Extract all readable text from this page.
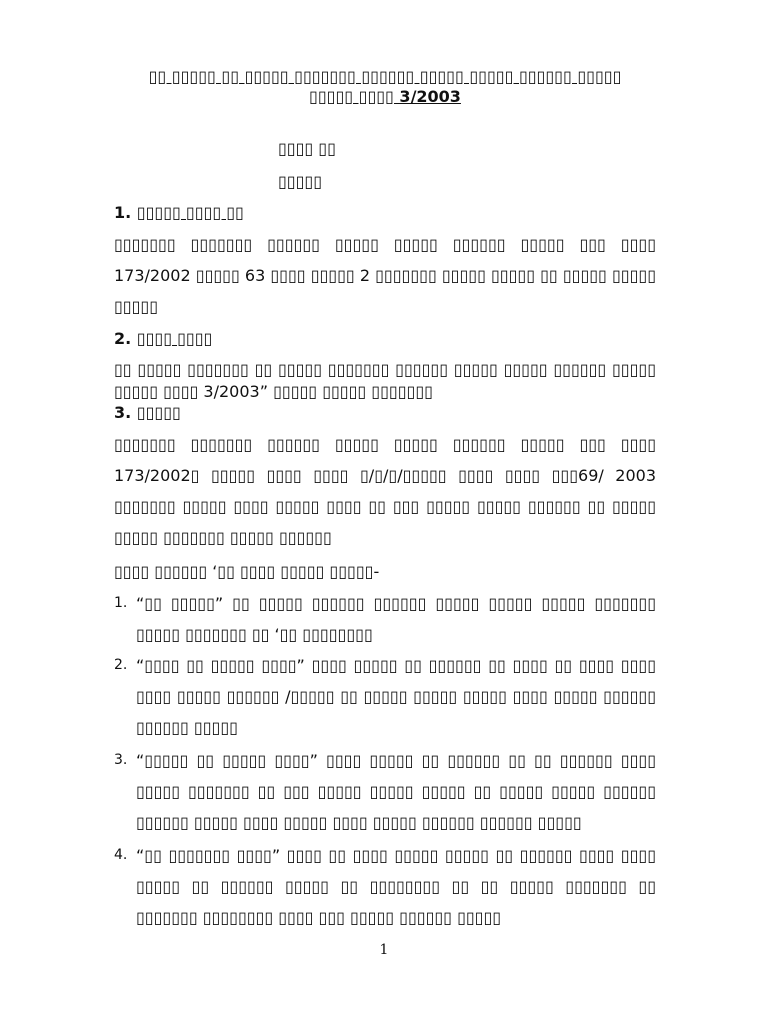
▯▯ ▯▯▯▯▯ ▯▯ ▯▯▯▯▯ ▯▯▯▯▯▯▯ ▯▯▯▯▯▯ ▯▯▯▯▯ ▯▯▯▯▯ ▯▯▯▯▯▯ ▯▯▯▯▯
▯▯▯▯▯ ▯▯▯▯ 3/2003
▯▯▯▯ ▯▯
▯▯▯▯▯
1. ▯▯▯▯▯ ▯▯▯▯ ▯▯
▯▯▯▯▯▯▯ ▯▯▯▯▯▯▯ ▯▯▯▯▯▯ ▯▯▯▯▯ ▯▯▯▯▯ ▯▯▯▯▯▯ ▯▯▯▯▯ ▯▯▯ ▯▯▯▯ 173/2002 ▯▯▯▯▯ 63 ▯▯▯▯ ▯▯▯▯▯ 2 ▯▯▯▯▯▯▯ ▯▯▯▯▯ ▯▯▯▯▯ ▯▯ ▯▯▯▯▯ ▯▯▯▯▯ ▯▯▯▯▯
2. ▯▯▯▯ ▯▯▯▯
▯▯ ▯▯▯▯▯ ▯▯▯▯▯▯▯ ▯▯ ▯▯▯▯▯ ▯▯▯▯▯▯▯ ▯▯▯▯▯▯ ▯▯▯▯▯ ▯▯▯▯▯ ▯▯▯▯▯▯ ▯▯▯▯▯ ▯▯▯▯▯ ▯▯▯▯ 3/2003” ▯▯▯▯▯ ▯▯▯▯▯ ▯▯▯▯▯▯▯
3. ▯▯▯▯▯
▯▯▯▯▯▯▯ ▯▯▯▯▯▯▯ ▯▯▯▯▯▯ ▯▯▯▯▯ ▯▯▯▯▯ ▯▯▯▯▯▯ ▯▯▯▯▯ ▯▯▯ ▯▯▯▯ 173/2002▯ ▯▯▯▯▯ ▯▯▯▯ ▯▯▯▯ ▯/▯/▯/▯▯▯▯▯ ▯▯▯▯ ▯▯▯▯ ▯▯▯69/ 2003 ▯▯▯▯▯▯▯ ▯▯▯▯▯ ▯▯▯▯ ▯▯▯▯▯ ▯▯▯▯ ▯▯ ▯▯▯ ▯▯▯▯▯ ▯▯▯▯▯ ▯▯▯▯▯▯ ▯▯ ▯▯▯▯▯ ▯▯▯▯▯ ▯▯▯▯▯▯▯ ▯▯▯▯▯ ▯▯▯▯▯▯
▯▯▯▯ ▯▯▯▯▯▯ ‘▯▯ ▯▯▯▯ ▯▯▯▯▯ ▯▯▯▯▯-
1. “▯▯ ▯▯▯▯▯” ▯▯ ▯▯▯▯▯ ▯▯▯▯▯▯ ▯▯▯▯▯▯ ▯▯▯▯▯ ▯▯▯▯▯ ▯▯▯▯▯ ▯▯▯▯▯▯▯ ▯▯▯▯▯ ▯▯▯▯▯▯▯ ▯▯ ‘▯▯ ▯▯▯▯▯▯▯▯
2. “▯▯▯▯ ▯▯ ▯▯▯▯▯ ▯▯▯▯” ▯▯▯▯ ▯▯▯▯▯ ▯▯ ▯▯▯▯▯▯ ▯▯ ▯▯▯▯ ▯▯ ▯▯▯▯ ▯▯▯▯ ▯▯▯▯ ▯▯▯▯▯ ▯▯▯▯▯▯ /▯▯▯▯▯ ▯▯ ▯▯▯▯▯ ▯▯▯▯▯ ▯▯▯▯▯ ▯▯▯▯ ▯▯▯▯▯ ▯▯▯▯▯▯ ▯▯▯▯▯▯ ▯▯▯▯▯
3. “▯▯▯▯▯ ▯▯ ▯▯▯▯▯ ▯▯▯▯” ▯▯▯▯ ▯▯▯▯▯ ▯▯ ▯▯▯▯▯▯ ▯▯ ▯▯ ▯▯▯▯▯▯ ▯▯▯▯ ▯▯▯▯▯ ▯▯▯▯▯▯▯ ▯▯ ▯▯▯ ▯▯▯▯▯ ▯▯▯▯▯ ▯▯▯▯▯ ▯▯ ▯▯▯▯▯ ▯▯▯▯▯ ▯▯▯▯▯▯ ▯▯▯▯▯▯ ▯▯▯▯▯ ▯▯▯▯ ▯▯▯▯▯ ▯▯▯▯ ▯▯▯▯▯ ▯▯▯▯▯▯ ▯▯▯▯▯▯ ▯▯▯▯▯
4. “▯▯ ▯▯▯▯▯▯▯ ▯▯▯▯” ▯▯▯▯ ▯▯ ▯▯▯▯ ▯▯▯▯▯ ▯▯▯▯▯ ▯▯ ▯▯▯▯▯▯ ▯▯▯▯ ▯▯▯▯ ▯▯▯▯▯ ▯▯ ▯▯▯▯▯▯ ▯▯▯▯▯ ▯▯ ▯▯▯▯▯▯▯▯ ▯▯ ▯▯ ▯▯▯▯▯ ▯▯▯▯▯▯▯ ▯▯ ▯▯▯▯▯▯▯ ▯▯▯▯▯▯▯▯ ▯▯▯▯ ▯▯▯ ▯▯▯▯▯ ▯▯▯▯▯▯ ▯▯▯▯▯
1
